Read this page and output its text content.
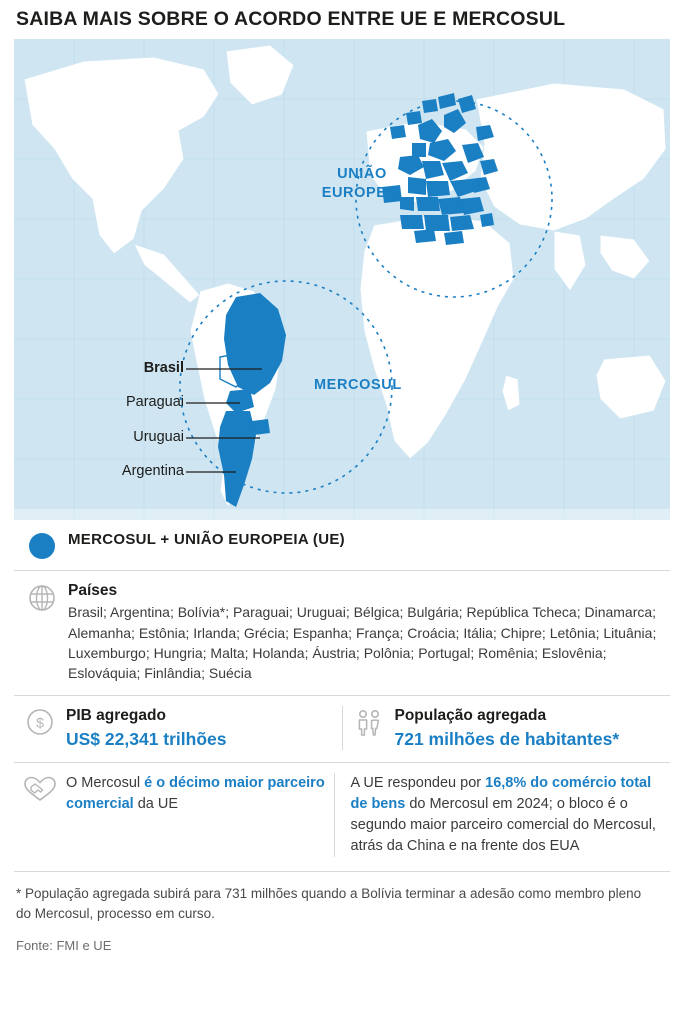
SAIBA MAIS SOBRE O ACORDO ENTRE UE E MERCOSUL
UNIÃO
EUROPEIA
MERCOSUL
Brasil
Paraguai
Uruguai
Argentina
MERCOSUL + UNIÃO EUROPEIA (UE)
Países
Brasil; Argentina; Bolívia*; Paraguai; Uruguai; Bélgica; Bulgária; República Tcheca; Dinamarca; Alemanha; Estônia; Irlanda; Grécia; Espanha; França; Croácia; Itália; Chipre; Letônia; Lituânia; Luxemburgo; Hungria; Malta; Holanda; Áustria; Polônia; Portugal; Romênia; Eslovênia; Eslováquia; Finlândia; Suécia
$ PIB agregado
US$ 22,341 trilhões
População agregada
721 milhões de habitantes*
O Mercosul é o décimo maior parceiro comercial da UE
A UE respondeu por 16,8% do comércio total de bens do Mercosul em 2024; o bloco é o segundo maior parceiro comercial do Mercosul, atrás da China e na frente dos EUA
* População agregada subirá para 731 milhões quando a Bolívia terminar a adesão como membro pleno do Mercosul, processo em curso.
Fonte: FMI e UE
